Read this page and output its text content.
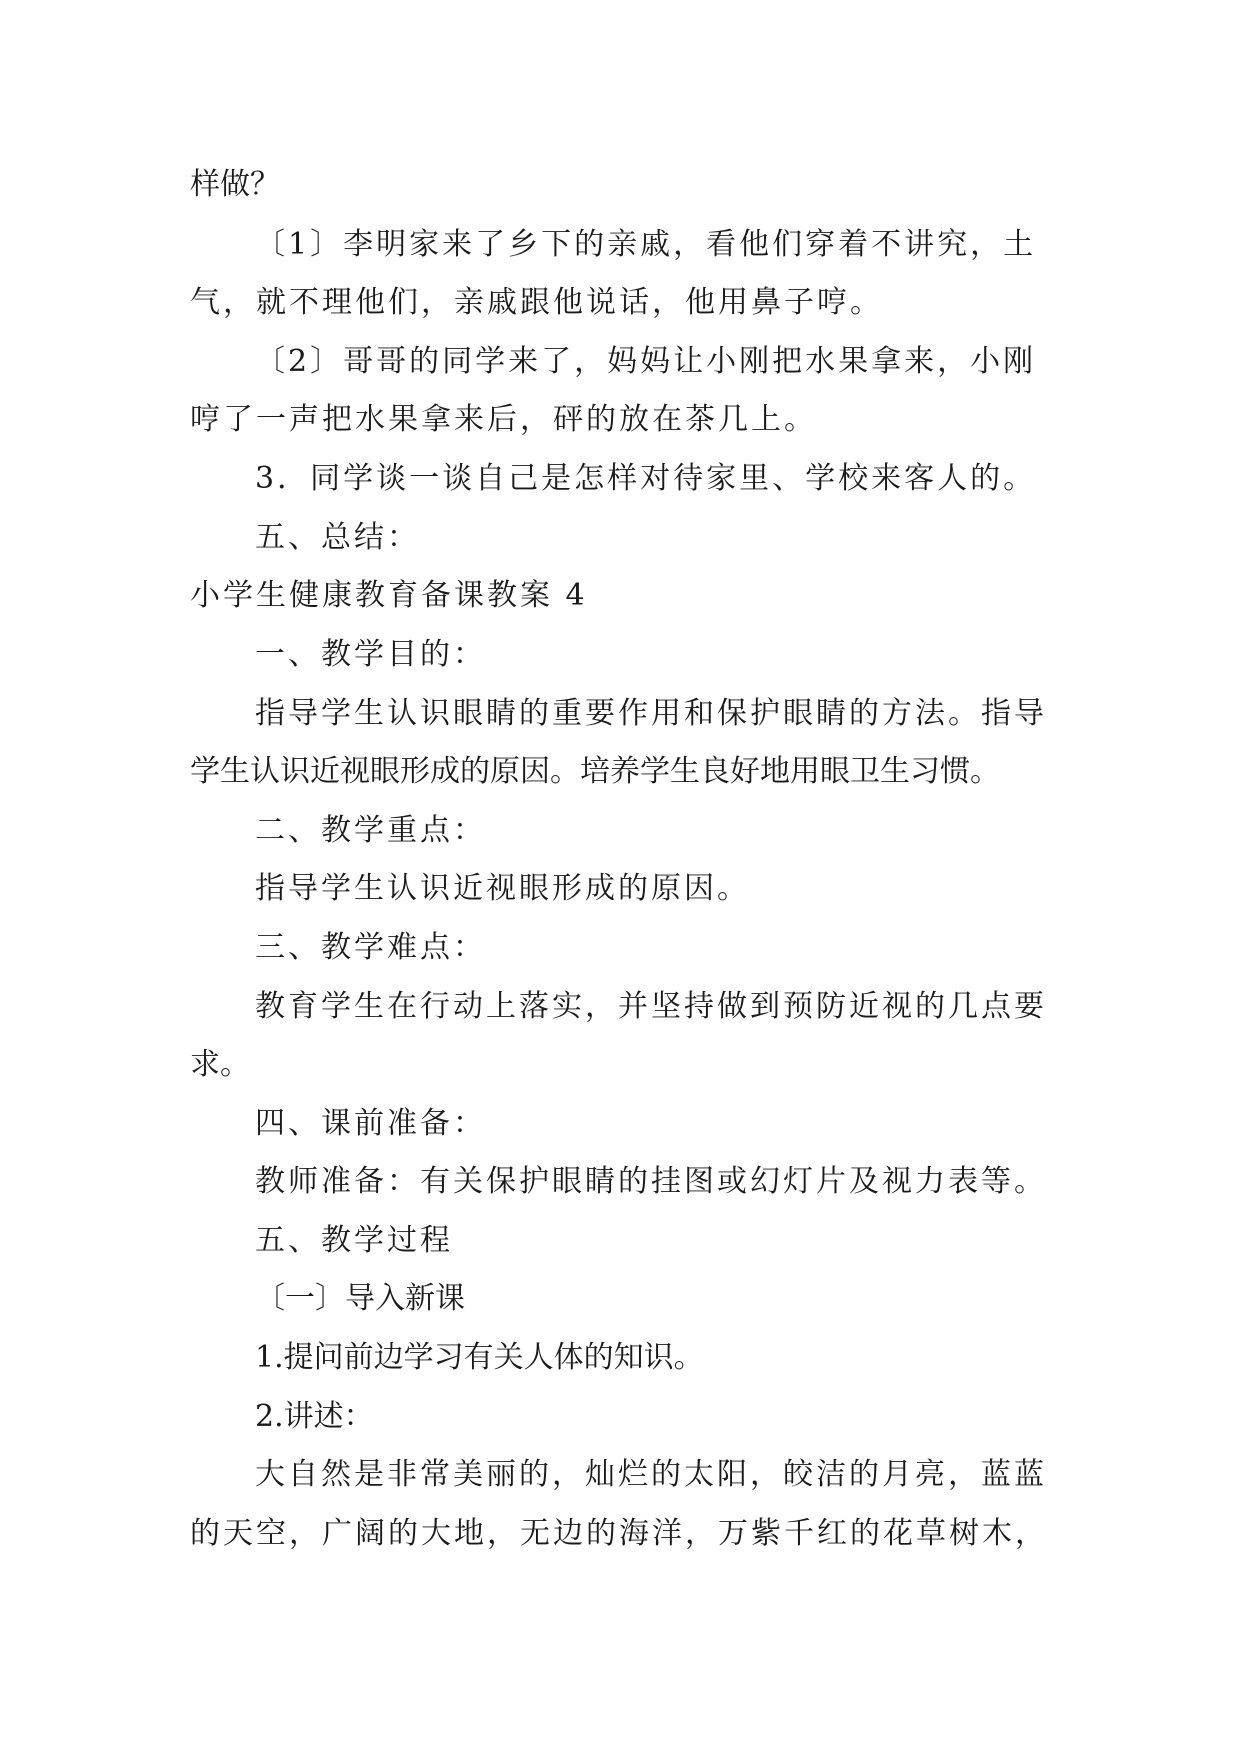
样做？
〔1〕李明家来了乡下的亲戚，看他们穿着不讲究，土
气，就不理他们，亲戚跟他说话，他用鼻子哼。
〔2〕哥哥的同学来了，妈妈让小刚把水果拿来，小刚
哼了一声把水果拿来后，砰的放在茶几上。
3．同学谈一谈自己是怎样对待家里、学校来客人的。
五、总结：
小学生健康教育备课教案 4
一、教学目的：
指导学生认识眼睛的重要作用和保护眼睛的方法。指导
学生认识近视眼形成的原因。培养学生良好地用眼卫生习惯。
二、教学重点：
指导学生认识近视眼形成的原因。
三、教学难点：
教育学生在行动上落实，并坚持做到预防近视的几点要
求。
四、课前准备：
教师准备：有关保护眼睛的挂图或幻灯片及视力表等。
五、教学过程
〔一〕导入新课
1.提问前边学习有关人体的知识。
2.讲述：
大自然是非常美丽的，灿烂的太阳，皎洁的月亮，蓝蓝
的天空，广阔的大地，无边的海洋，万紫千红的花草树木，
